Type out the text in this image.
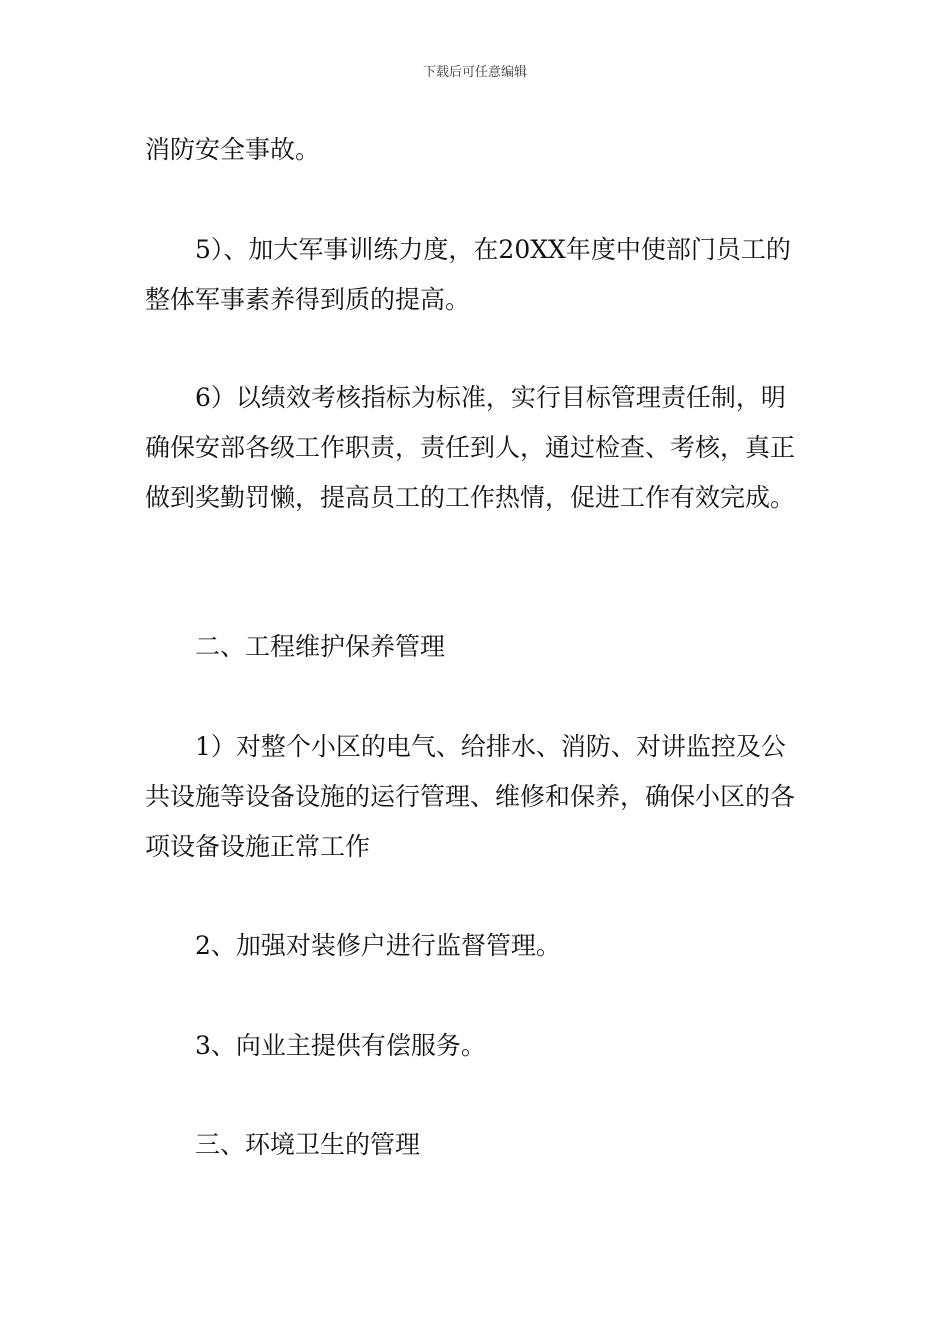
下载后可任意编辑

消防安全事故。

5）、加大军事训练力度，在20XX年度中使部门员工的整体军事素养得到质的提高。

6）以绩效考核指标为标准，实行目标管理责任制，明确保安部各级工作职责，责任到人，通过检查、考核，真正做到奖勤罚懒，提高员工的工作热情，促进工作有效完成。

二、工程维护保养管理

1）对整个小区的电气、给排水、消防、对讲监控及公共设施等设备设施的运行管理、维修和保养，确保小区的各项设备设施正常工作

2、加强对装修户进行监督管理。

3、向业主提供有偿服务。

三、环境卫生的管理
